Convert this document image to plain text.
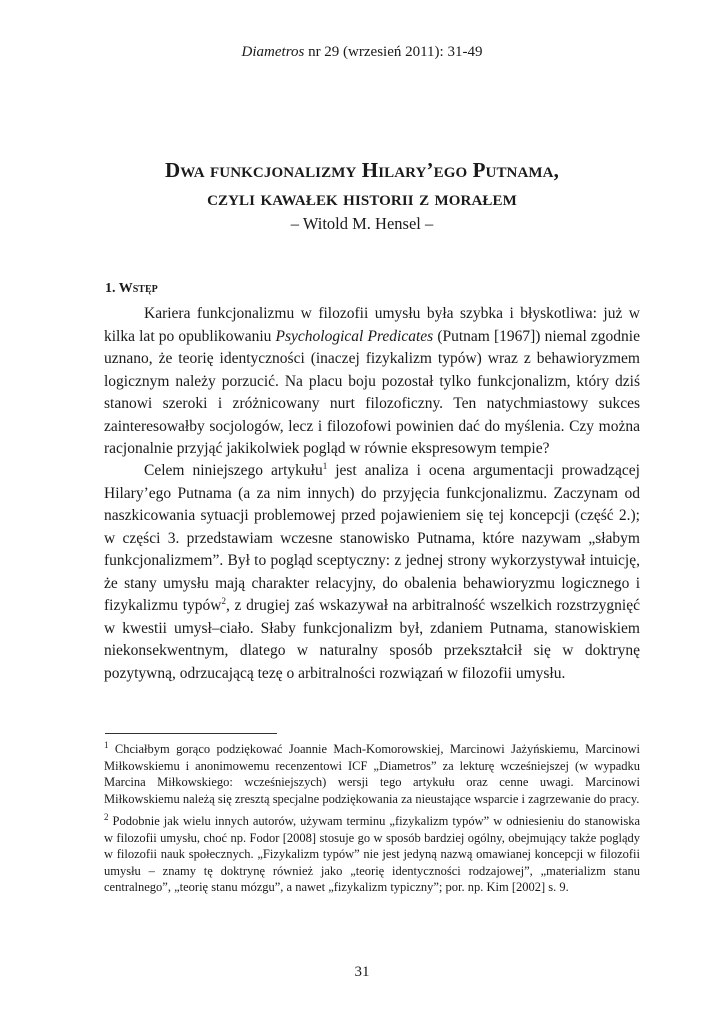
Diametros nr 29 (wrzesień 2011): 31-49
Dwa funkcjonalizmy Hilary’ego Putnama,
czyli kawałek historii z morałem
– Witold M. Hensel –
1. Wstęp

Kariera funkcjonalizmu w filozofii umysłu była szybka i błyskotliwa: już w kilka lat po opublikowaniu Psychological Predicates (Putnam [1967]) niemal zgodnie uznano, że teorię identyczności (inaczej fizykalizm typów) wraz z behawioryzmem logicznym należy porzucić. Na placu boju pozostał tylko funkcjonalizm, który dziś stanowi szeroki i zróżnicowany nurt filozoficzny. Ten natychmiastowy sukces zainteresowałby socjologów, lecz i filozofowi powinien dać do myślenia. Czy można racjonalnie przyjąć jakikolwiek pogląd w równie ekspresowym tempie?

Celem niniejszego artykułu$^1$ jest analiza i ocena argumentacji prowadzącej Hilary’ego Putnama (a za nim innych) do przyjęcia funkcjonalizmu. Zaczynam od naszkicowania sytuacji problemowej przed pojawieniem się tej koncepcji (część 2.); w części 3. przedstawiam wczesne stanowisko Putnama, które nazywam „słabym funkcjonalizmem”. Był to pogląd sceptyczny: z jednej strony wykorzystywał intuicję, że stany umysłu mają charakter relacyjny, do obalenia behawioryzmu logicznego i fizykalizmu typów$^2$, z drugiej zaś wskazywał na arbitralność wszelkich rozstrzygnięć w kwestii umysł–ciało. Słaby funkcjonalizm był, zdaniem Putnama, stanowiskiem niekonsekwentnym, dlatego w naturalny sposób przekształcił się w doktrynę pozytywną, odrzucającą tezę o arbitralności rozwiązań w filozofii umysłu.

$^1$ Chciałbym gorąco podziękować Joannie Mach-Komorowskiej, Marcinowi Jażyńskiemu, Marcinowi Miłkowskiemu i anonimowemu recenzentowi ICF „Diametros” za lekturę wcześniejszej (w wypadku Marcina Miłkowskiego: wcześniejszych) wersji tego artykułu oraz cenne uwagi. Marcinowi Miłkowskiemu należą się zresztą specjalne podziękowania za nieustające wsparcie i zagrzewanie do pracy.

$^2$ Podobnie jak wielu innych autorów, używam terminu „fizykalizm typów” w odniesieniu do stanowiska w filozofii umysłu, choć np. Fodor [2008] stosuje go w sposób bardziej ogólny, obejmujący także poglądy w filozofii nauk społecznych. „Fizykalizm typów” nie jest jedyną nazwą omawianej koncepcji w filozofii umysłu – znamy tę doktrynę również jako „teorię identyczności rodzajowej”, „materializm stanu centralnego”, „teorię stanu mózgu”, a nawet „fizykalizm typiczny”; por. np. Kim [2002] s. 9.

31
